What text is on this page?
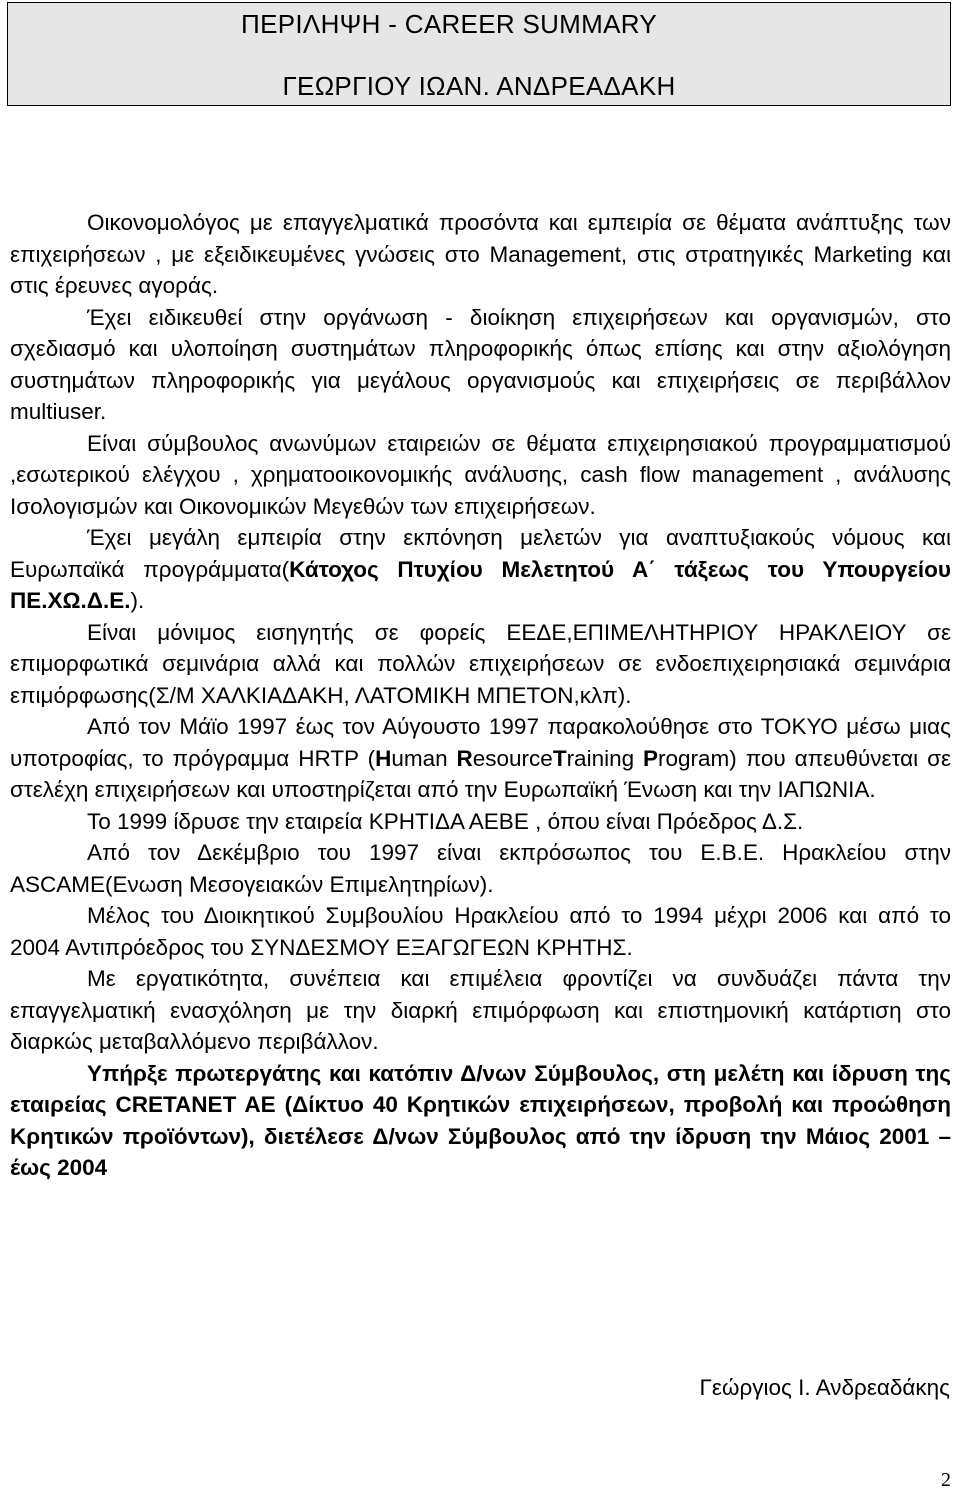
ΠΕΡΙΛΗΨΗ - CAREER SUMMARY
ΓΕΩΡΓΙΟΥ ΙΩΑΝ. ΑΝΔΡΕΑΔΑΚΗ

Οικονομολόγος με επαγγελματικά προσόντα και εμπειρία σε θέματα ανάπτυξης των επιχειρήσεων , με εξειδικευμένες γνώσεις στο Management, στις στρατηγικές Marketing και στις έρευνες αγοράς.

Έχει ειδικευθεί στην οργάνωση - διοίκηση επιχειρήσεων και οργανισμών, στο σχεδιασμό και υλοποίηση συστημάτων πληροφορικής όπως επίσης και στην αξιολόγηση συστημάτων πληροφορικής για μεγάλους οργανισμούς και επιχειρήσεις σε περιβάλλον multiuser.

Είναι σύμβουλος ανωνύμων εταιρειών σε θέματα επιχειρησιακού προγραμματισμού ,εσωτερικού ελέγχου , χρηματοοικονομικής ανάλυσης, cash flow management , ανάλυσης Ισολογισμών και Οικονομικών Μεγεθών των επιχειρήσεων.

Έχει μεγάλη εμπειρία στην εκπόνηση μελετών για αναπτυξιακούς νόμους και Ευρωπαϊκά προγράμματα(Κάτοχος Πτυχίου Μελετητού Α΄ τάξεως του Υπουργείου ΠΕ.ΧΩ.Δ.Ε.).

Είναι μόνιμος εισηγητής σε φορείς ΕΕΔΕ,ΕΠΙΜΕΛΗΤΗΡΙΟΥ ΗΡΑΚΛΕΙΟΥ σε επιμορφωτικά σεμινάρια αλλά και πολλών επιχειρήσεων σε ενδοεπιχειρησιακά σεμινάρια επιμόρφωσης(Σ/Μ ΧΑΛΚΙΑΔΑΚΗ, ΛΑΤΟΜΙΚΗ ΜΠΕΤΟΝ,κλπ).

Από τον Μάϊο 1997 έως τον Αύγουστο 1997 παρακολούθησε στο ΤΟΚΥΟ μέσω μιας υποτροφίας, το πρόγραμμα HRTP (Human ResourceTraining Program) που απευθύνεται σε στελέχη επιχειρήσεων και υποστηρίζεται από την Ευρωπαϊκή Ένωση και την ΙΑΠΩΝΙΑ.

Το 1999 ίδρυσε την εταιρεία ΚΡΗΤΙΔΑ ΑΕΒΕ , όπου είναι Πρόεδρος Δ.Σ.

Από τον Δεκέμβριο του 1997 είναι εκπρόσωπος του Ε.Β.Ε. Ηρακλείου στην ASCAME(Ενωση Μεσογειακών Επιμελητηρίων).

Μέλος του Διοικητικού Συμβουλίου Ηρακλείου από το 1994 μέχρι 2006 και από το 2004 Αντιπρόεδρος του ΣΥΝΔΕΣΜΟΥ ΕΞΑΓΩΓΕΩΝ ΚΡΗΤΗΣ.

Με εργατικότητα, συνέπεια και επιμέλεια φροντίζει να συνδυάζει πάντα την επαγγελματική ενασχόληση με την διαρκή επιμόρφωση και επιστημονική κατάρτιση στο διαρκώς μεταβαλλόμενο περιβάλλον.

Υπήρξε πρωτεργάτης και κατόπιν Δ/νων Σύμβουλος, στη μελέτη και ίδρυση της εταιρείας CRETANET AE (Δίκτυο 40 Κρητικών επιχειρήσεων, προβολή και προώθηση Κρητικών προϊόντων), διετέλεσε Δ/νων Σύμβουλος από την ίδρυση την Μάιος 2001 – έως 2004

Γεώργιος Ι. Ανδρεαδάκης
2
